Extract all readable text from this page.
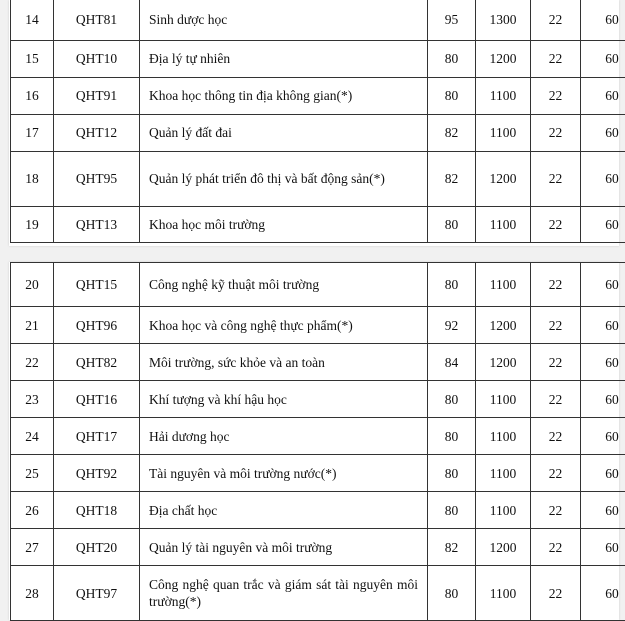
14	QHT81	Sinh dược học	95	1300	22	60
15	QHT10	Địa lý tự nhiên	80	1200	22	60
16	QHT91	Khoa học thông tin địa không gian(*)	80	1100	22	60
17	QHT12	Quản lý đất đai	82	1100	22	60
18	QHT95	Quản lý phát triển đô thị và bất động sản(*)	82	1200	22	60
19	QHT13	Khoa học môi trường	80	1100	22	60
20	QHT15	Công nghệ kỹ thuật môi trường	80	1100	22	60
21	QHT96	Khoa học và công nghệ thực phẩm(*)	92	1200	22	60
22	QHT82	Môi trường, sức khỏe và an toàn	84	1200	22	60
23	QHT16	Khí tượng và khí hậu học	80	1100	22	60
24	QHT17	Hải dương học	80	1100	22	60
25	QHT92	Tài nguyên và môi trường nước(*)	80	1100	22	60
26	QHT18	Địa chất học	80	1100	22	60
27	QHT20	Quản lý tài nguyên và môi trường	82	1200	22	60
28	QHT97	Công nghệ quan trắc và giám sát tài nguyên môi trường(*)	80	1100	22	60
